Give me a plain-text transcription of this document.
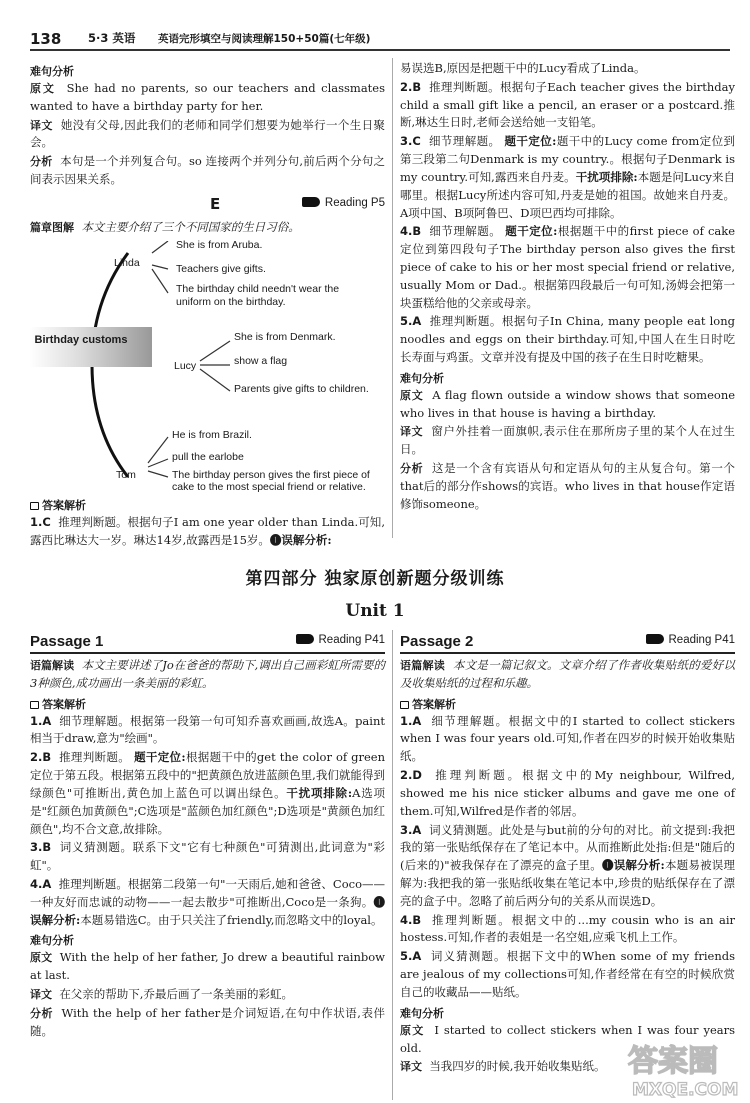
138 5·3 英语 英语完形填空与阅读理解150+50篇(七年级)
难句分析
原文 She had no parents, so our teachers and classmates wanted to have a birthday party for her.
译文 她没有父母,因此我们的老师和同学们想要为她举行一个生日聚会。
分析 本句是一个并列复合句。so 连接两个并列分句,前后两个分句之间表示因果关系。
E	Reading P5
篇章图解 本文主要介绍了三个不同国家的生日习俗。
Birthday customs
Linda
She is from Aruba.
Teachers give gifts.
The birthday child needn't wear the uniform on the birthday.
Lucy
She is from Denmark.
show a flag
Parents give gifts to children.
Tom
He is from Brazil.
pull the earlobe
The birthday person gives the first piece of cake to the most special friend or relative.
答案解析
1.C 推理判断题。根据句子I am one year older than Linda.可知,露西比琳达大一岁。琳达14岁,故露西是15岁。❶误解分析:
易误选B,原因是把题干中的Lucy看成了Linda。
2.B 推理判断题。根据句子Each teacher gives the birthday child a small gift like a pencil, an eraser or a postcard.推断,琳达生日时,老师会送给她一支铅笔。
3.C 细节理解题。 题干定位:题干中的Lucy come from定位到第三段第二句Denmark is my country.。根据句子Denmark is my country.可知,露西来自丹麦。干扰项排除:本题是问Lucy来自哪里。根据Lucy所述内容可知,丹麦是她的祖国。故她来自丹麦。A项中国、B项阿鲁巴、D项巴西均可排除。
4.B 细节理解题。 题干定位:根据题干中的first piece of cake定位到第四段句子The birthday person also gives the first piece of cake to his or her most special friend or relative, usually Mom or Dad.。根据第四段最后一句可知,汤姆会把第一块蛋糕给他的父亲或母亲。
5.A 推理判断题。根据句子In China, many people eat long noodles and eggs on their birthday.可知,中国人在生日时吃长寿面与鸡蛋。文章并没有提及中国的孩子在生日时吃糖果。
难句分析
原文 A flag flown outside a window shows that someone who lives in that house is having a birthday.
译文 窗户外挂着一面旗帜,表示住在那所房子里的某个人在过生日。
分析 这是一个含有宾语从句和定语从句的主从复合句。第一个that后的部分作shows的宾语。who lives in that house作定语修饰someone。
第四部分 独家原创新题分级训练
Unit 1
Passage 1	Reading P41
语篇解读 本文主要讲述了Jo在爸爸的帮助下,调出自己画彩虹所需要的3种颜色,成功画出一条美丽的彩虹。
答案解析
1.A 细节理解题。根据第一段第一句可知乔喜欢画画,故选A。paint相当于draw,意为"绘画"。
2.B 推理判断题。 题干定位:根据题干中的get the color of green定位于第五段。根据第五段中的"把黄颜色放进蓝颜色里,我们就能得到绿颜色"可推断出,黄色加上蓝色可以调出绿色。干扰项排除:A选项是"红颜色加黄颜色";C选项是"蓝颜色加红颜色";D选项是"黄颜色加红颜色",均不合文意,故排除。
3.B 词义猜测题。联系下文"它有七种颜色"可猜测出,此词意为"彩虹"。
4.A 推理判断题。根据第二段第一句"一天雨后,她和爸爸、Coco——一种友好而忠诚的动物——一起去散步"可推断出,Coco是一条狗。❶误解分析:本题易错选C。由于只关注了friendly,而忽略文中的loyal。
难句分析
原文 With the help of her father, Jo drew a beautiful rainbow at last.
译文 在父亲的帮助下,乔最后画了一条美丽的彩虹。
分析 With the help of her father是介词短语,在句中作状语,表伴随。
Passage 2	Reading P41
语篇解读 本文是一篇记叙文。文章介绍了作者收集贴纸的爱好以及收集贴纸的过程和乐趣。
答案解析
1.A 细节理解题。根据文中的I started to collect stickers when I was four years old.可知,作者在四岁的时候开始收集贴纸。
2.D 推理判断题。根据文中的My neighbour, Wilfred, showed me his nice sticker albums and gave me one of them.可知,Wilfred是作者的邻居。
3.A 词义猜测题。此处是与but前的分句的对比。前文提到:我把我的第一张贴纸保存在了笔记本中。从而推断此处指:但是"随后的(后来的)"被我保存在了漂亮的盒子里。❶误解分析:本题易被误理解为:我把我的第一张贴纸收集在笔记本中,珍贵的贴纸保存在了漂亮的盒子中。忽略了前后两分句的关系从而误选D。
4.B 推理判断题。根据文中的...my cousin who is an air hostess.可知,作者的表姐是一名空姐,应乘飞机上工作。
5.A 词义猜测题。根据下文中的When some of my friends are jealous of my collections可知,作者经常在有空的时候欣赏自己的收藏品——贴纸。
难句分析
原文 I started to collect stickers when I was four years old.
译文 当我四岁的时候,我开始收集贴纸。 答案圈
MXQE.COM
